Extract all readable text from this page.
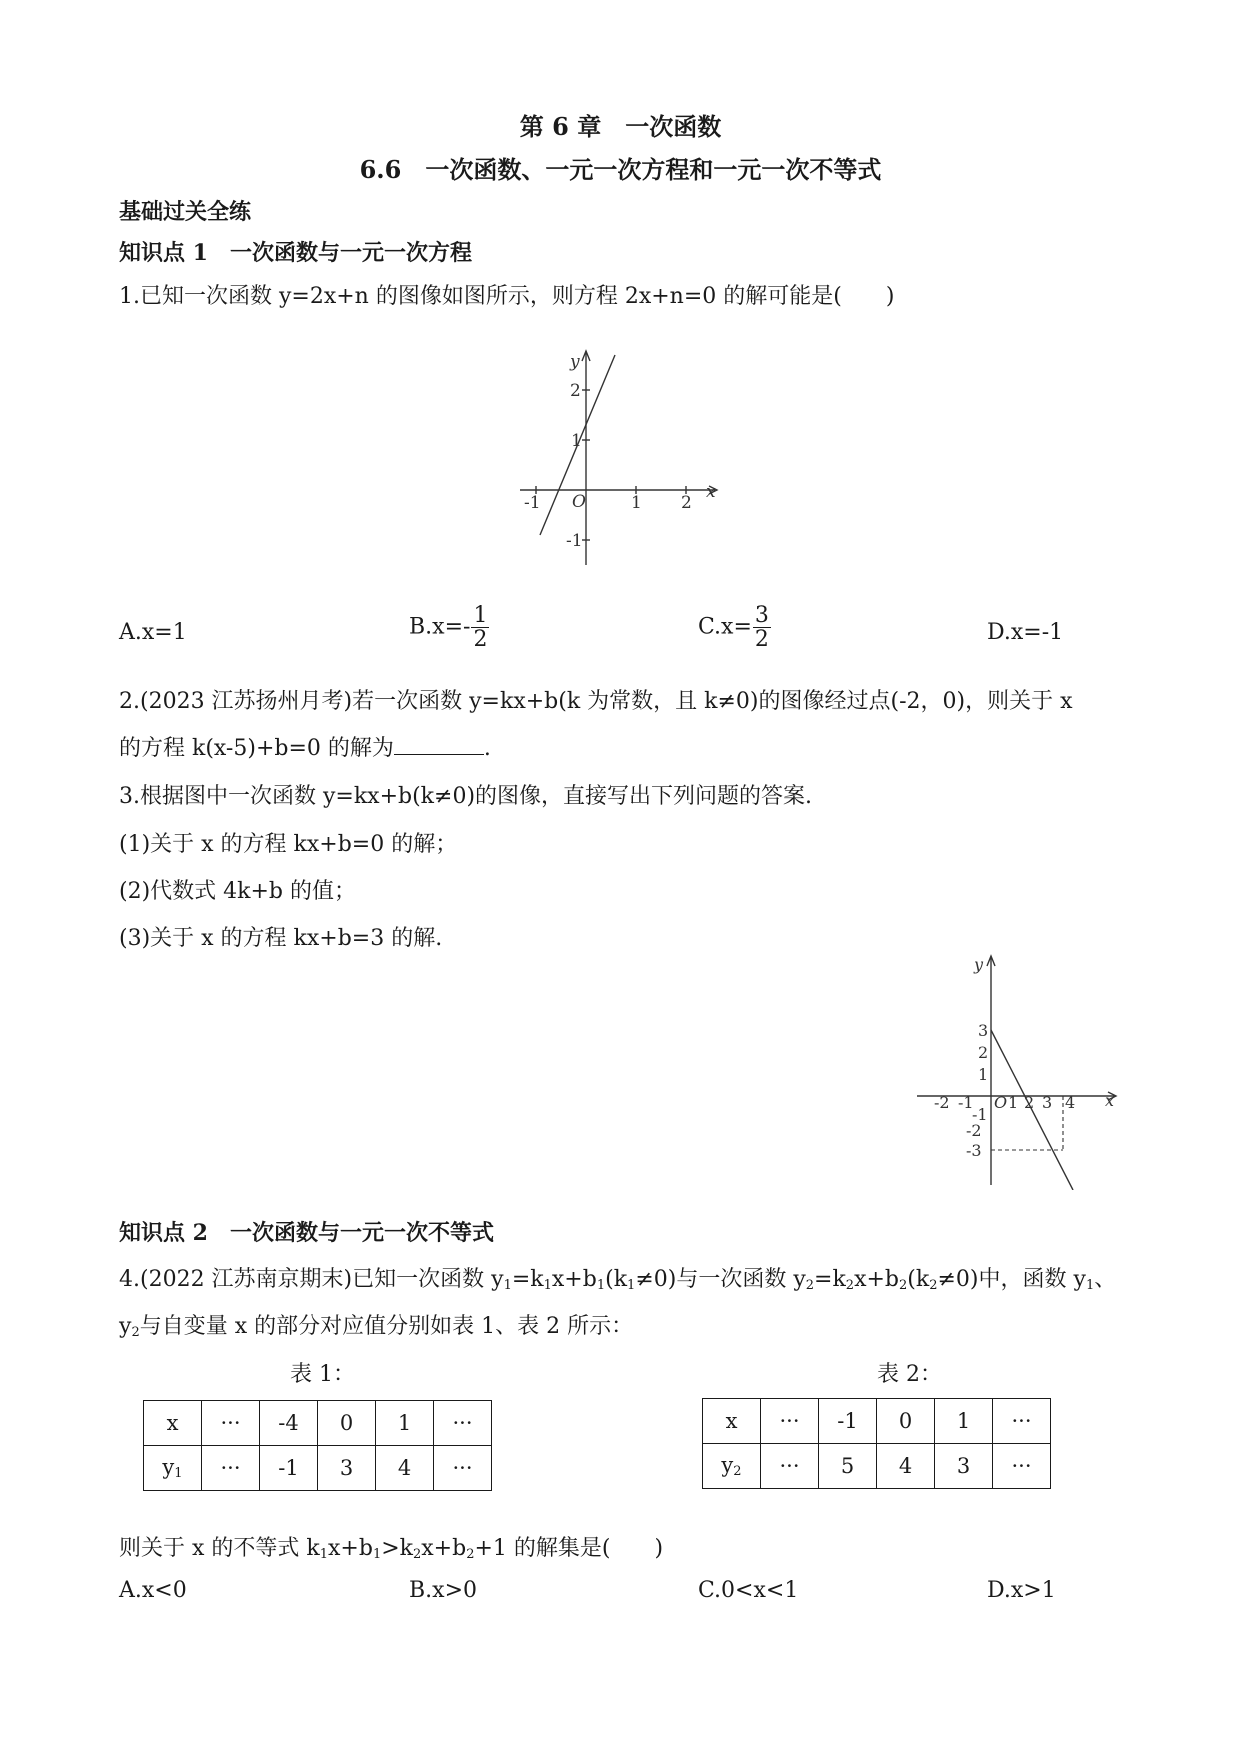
第 6 章　一次函数
6.6　一次函数、一元一次方程和一元一次不等式
基础过关全练
知识点 1　一次函数与一元一次方程
1.已知一次函数 y=2x+n 的图像如图所示，则方程 2x+n=0 的解可能是(　　)
y
x
O
2
1
-1	1 2
-1
A.x=1	$B.x=- \frac{1}{2}$	$C.x= \frac{3}{2}$	D.x=-1
2.(2023 江苏扬州月考)若一次函数 y=kx+b(k 为常数，且 k≠0)的图像经过点(-2，0)，则关于 x
的方程 k(x-5)+b=0 的解为	.
3.根据图中一次函数 y=kx+b(k≠0)的图像，直接写出下列问题的答案.
(1)关于 x 的方程 kx+b=0 的解；
(2)代数式 4k+b 的值；
(3)关于 x 的方程 kx+b=3 的解.
y
x
O
-2 -1 1 2 3 4
3
2
1
-1
-2
-3
知识点 2　一次函数与一元一次不等式
4.(2022 江苏南京期末)已知一次函数 $y_1=k_1x+b_1(k_1\ne 0)$与一次函数 $y_2=k_2x+b_2(k_2\ne 0)$中，函数 $y_1$、
$y_2$与自变量 x 的部分对应值分别如表 1、表 2 所示：
表 1：
x	···	-4	0	1	···
$y_1$	···	-1	3	4	···
表 2：
x	···	-1	0	1	···
$y_2$	···	5	4	3	···
则关于 x 的不等式 $k_1x+b_1>k_2x+b_2+1$ 的解集是(　　)
A.x<0	B.x>0	C.0<x<1	D.x>1
